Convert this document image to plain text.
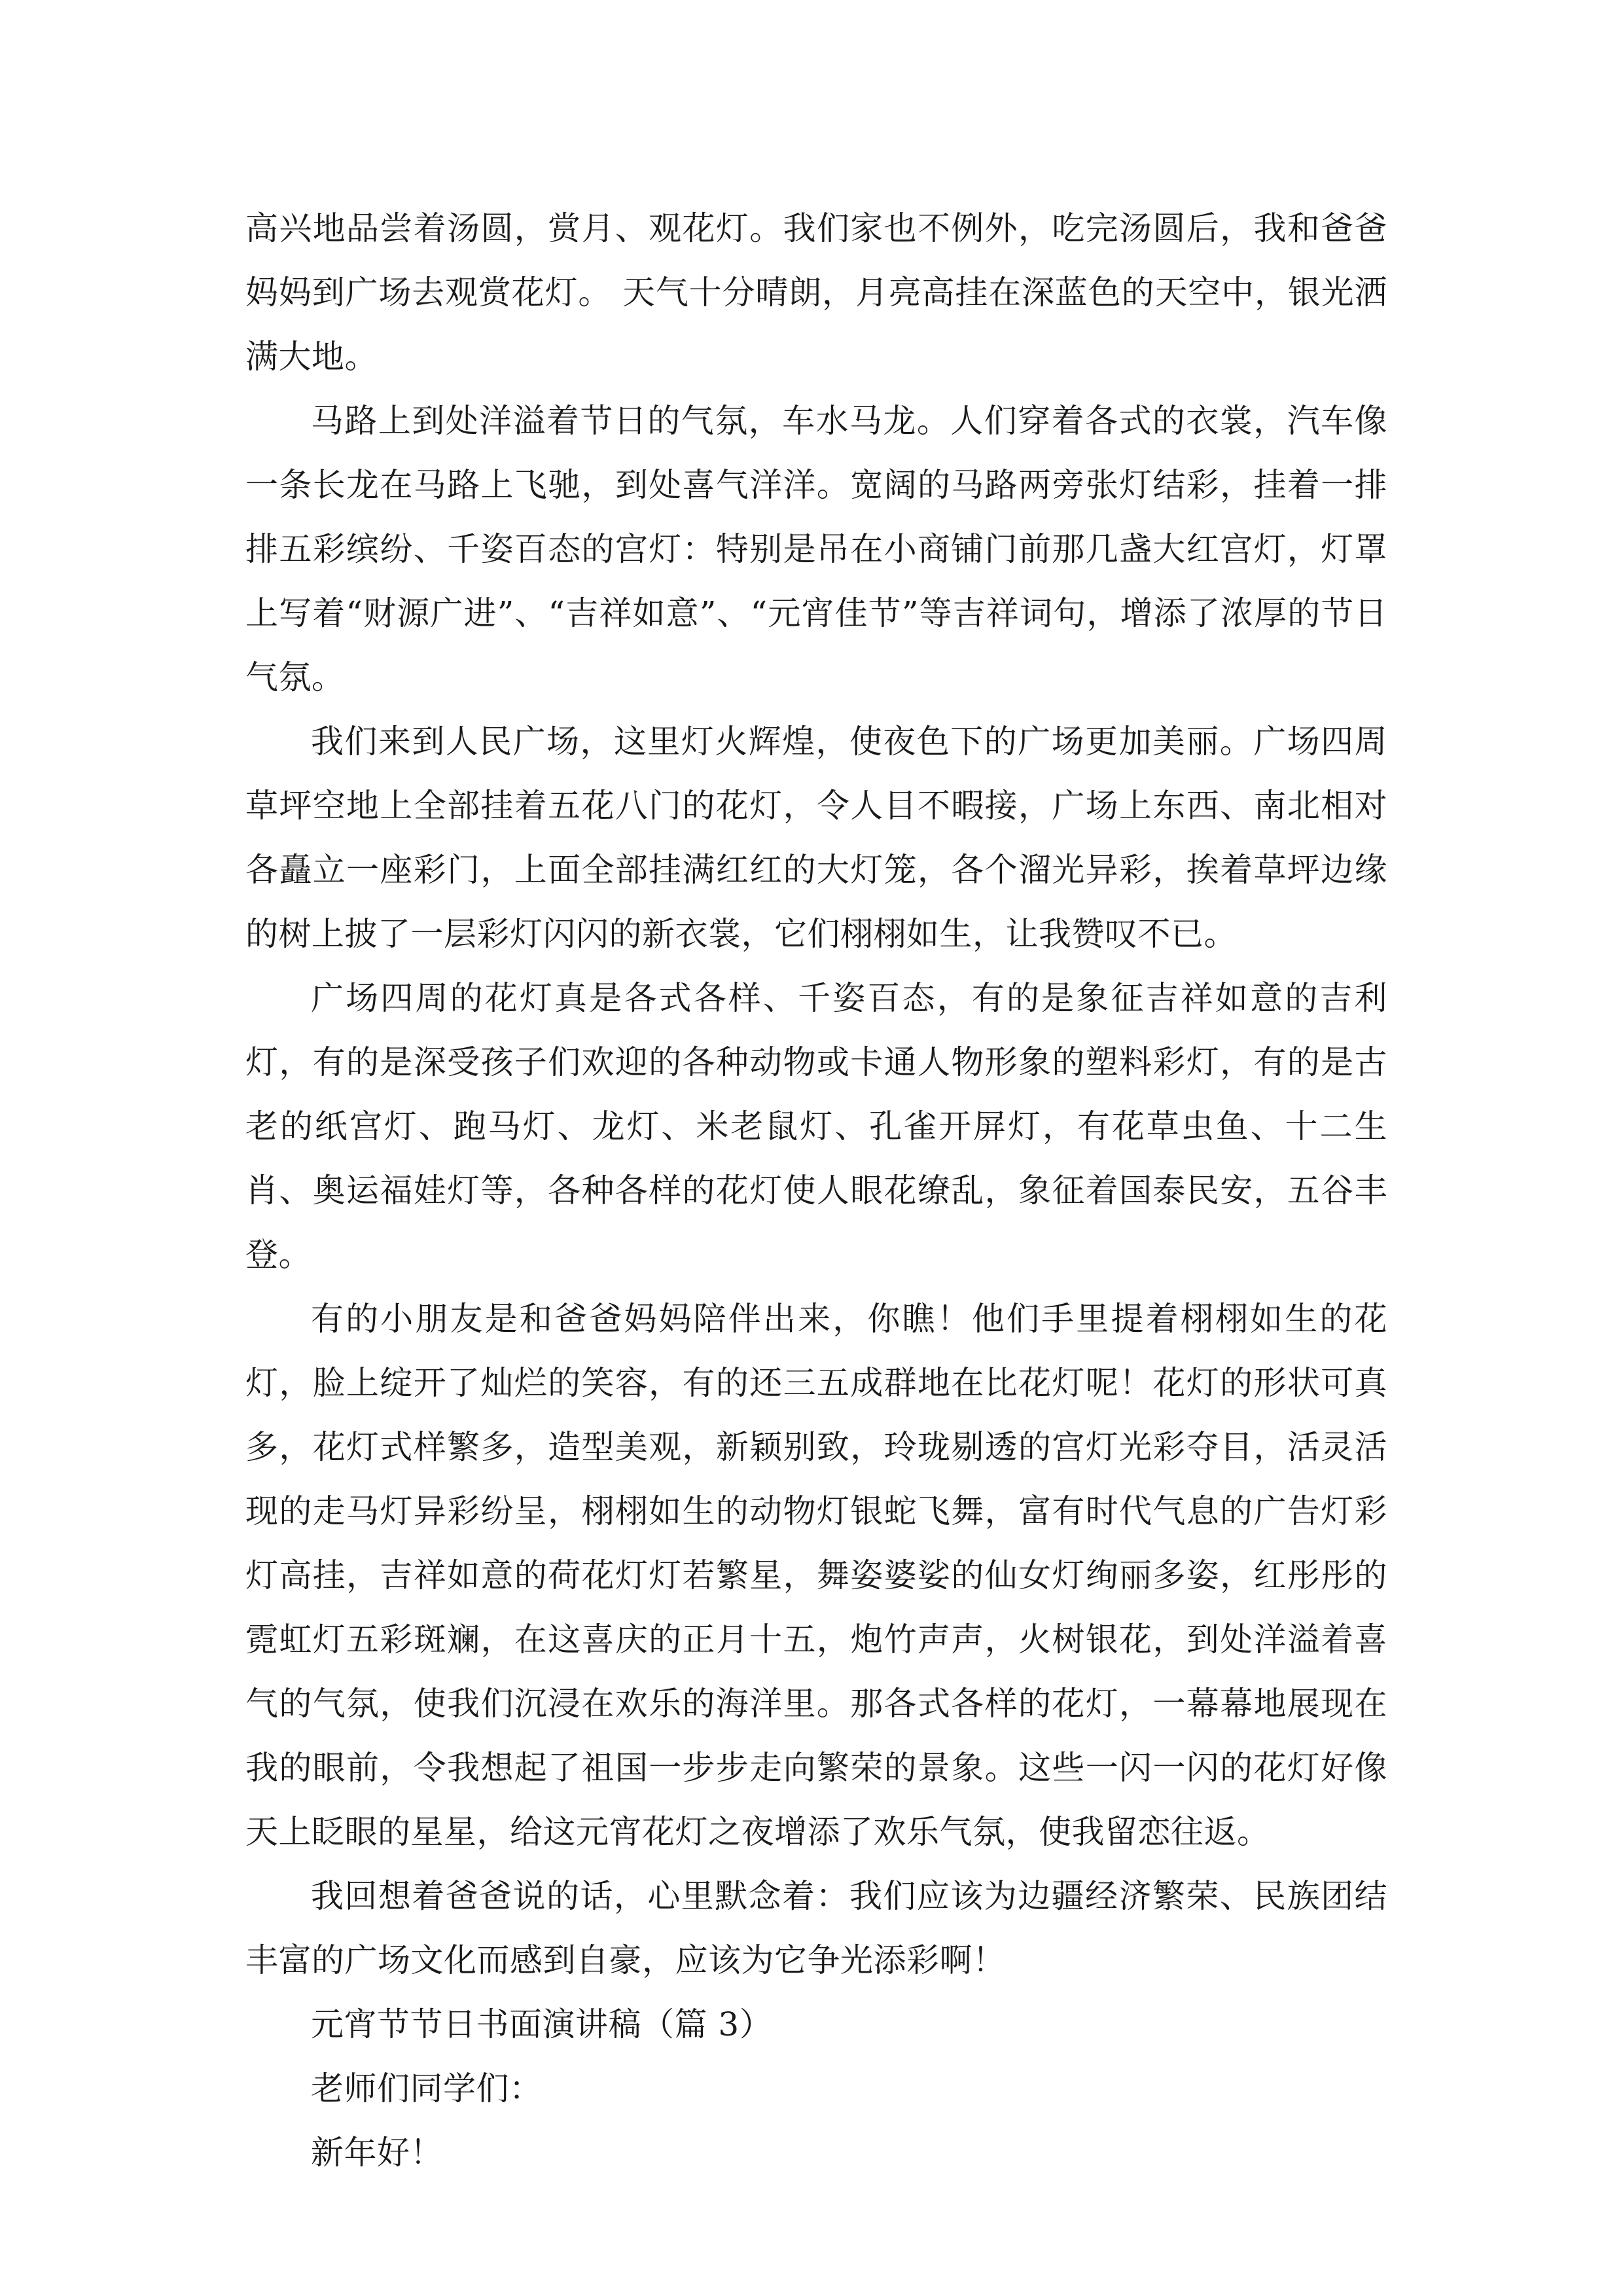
高兴地品尝着汤圆，赏月、观花灯。我们家也不例外，吃完汤圆后，我和爸爸妈妈到广场去观赏花灯。 天气十分晴朗，月亮高挂在深蓝色的天空中，银光洒满大地。

马路上到处洋溢着节日的气氛，车水马龙。人们穿着各式的衣裳，汽车像一条长龙在马路上飞驰，到处喜气洋洋。宽阔的马路两旁张灯结彩，挂着一排排五彩缤纷、千姿百态的宫灯：特别是吊在小商铺门前那几盏大红宫灯，灯罩上写着“财源广进”、“吉祥如意”、“元宵佳节”等吉祥词句，增添了浓厚的节日气氛。

我们来到人民广场，这里灯火辉煌，使夜色下的广场更加美丽。广场四周草坪空地上全部挂着五花八门的花灯，令人目不暇接，广场上东西、南北相对各矗立一座彩门，上面全部挂满红红的大灯笼，各个溜光异彩，挨着草坪边缘的树上披了一层彩灯闪闪的新衣裳，它们栩栩如生，让我赞叹不已。

广场四周的花灯真是各式各样、千姿百态，有的是象征吉祥如意的吉利灯，有的是深受孩子们欢迎的各种动物或卡通人物形象的塑料彩灯，有的是古老的纸宫灯、跑马灯、龙灯、米老鼠灯、孔雀开屏灯，有花草虫鱼、十二生肖、奥运福娃灯等，各种各样的花灯使人眼花缭乱，象征着国泰民安，五谷丰登。

有的小朋友是和爸爸妈妈陪伴出来，你瞧！他们手里提着栩栩如生的花灯，脸上绽开了灿烂的笑容，有的还三五成群地在比花灯呢！花灯的形状可真多，花灯式样繁多，造型美观，新颖别致，玲珑剔透的宫灯光彩夺目，活灵活现的走马灯异彩纷呈，栩栩如生的动物灯银蛇飞舞，富有时代气息的广告灯彩灯高挂，吉祥如意的荷花灯灯若繁星，舞姿婆娑的仙女灯绚丽多姿，红彤彤的霓虹灯五彩斑斓，在这喜庆的正月十五，炮竹声声，火树银花，到处洋溢着喜气的气氛，使我们沉浸在欢乐的海洋里。那各式各样的花灯，一幕幕地展现在我的眼前，令我想起了祖国一步步走向繁荣的景象。这些一闪一闪的花灯好像天上眨眼的星星，给这元宵花灯之夜增添了欢乐气氛，使我留恋往返。

我回想着爸爸说的话，心里默念着：我们应该为边疆经济繁荣、民族团结丰富的广场文化而感到自豪，应该为它争光添彩啊！

元宵节节日书面演讲稿（篇 3）

老师们同学们：

新年好！
